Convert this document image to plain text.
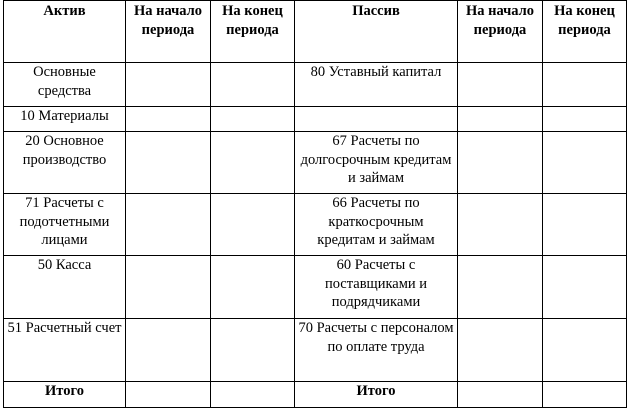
Актив	На начало периода	На конец периода	Пассив	На начало периода	На конец периода
Основные средства			80 Уставный капитал		
10 Материалы					
20 Основное производство			67 Расчеты по долгосрочным кредитам и займам		
71 Расчеты с подотчетными лицами			66 Расчеты по краткосрочным кредитам и займам		
50 Касса			60 Расчеты с поставщиками и подрядчиками		
51 Расчетный счет			70 Расчеты с персоналом по оплате труда		
Итого			Итого		
